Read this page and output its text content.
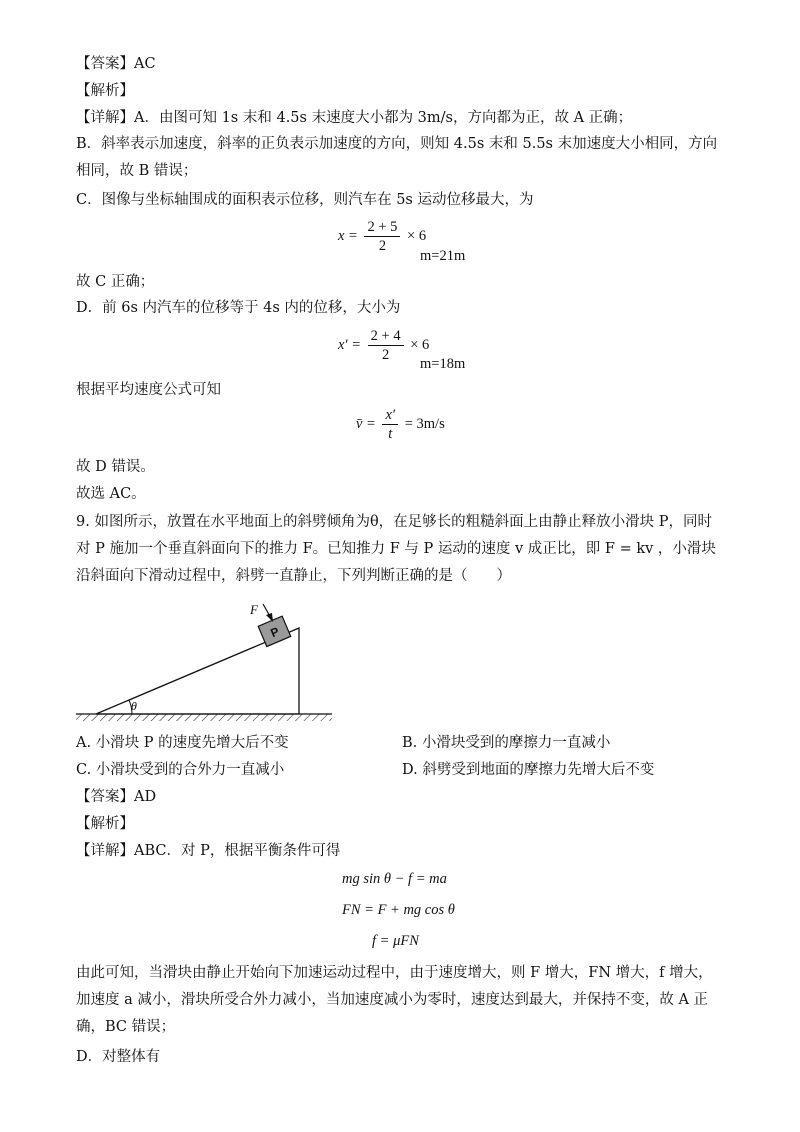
【答案】AC
【解析】
【详解】A．由图可知 1s 末和 4.5s 末速度大小都为 3m/s，方向都为正，故 A 正确；
B．斜率表示加速度，斜率的正负表示加速度的方向，则知 4.5s 末和 5.5s 末加速度大小相同，方向相同，故 B 错误；
C．图像与坐标轴围成的面积表示位移，则汽车在 5s 运动位移最大，为
$x = \frac{2 + 5}{2} \times 6$
m=21m
故 C 正确；
D．前 6s 内汽车的位移等于 4s 内的位移，大小为
$x' = \frac{2 + 4}{2} \times 6$
m=18m
根据平均速度公式可知
v̄ = $\frac{x'}{t} = 3m/s$
故 D 错误。
故选 AC。
9. 如图所示，放置在水平地面上的斜劈倾角为θ，在足够长的粗糙斜面上由静止释放小滑块 P，同时对 P 施加一个垂直斜面向下的推力 F。已知推力 F 与 P 运动的速度 v 成正比，即 F = kv ，小滑块沿斜面向下滑动过程中，斜劈一直静止，下列判断正确的是（　　）
θ
P
F
A. 小滑块 P 的速度先增大后不变	B. 小滑块受到的摩擦力一直减小
C. 小滑块受到的合外力一直减小	D. 斜劈受到地面的摩擦力先增大后不变
【答案】AD
【解析】
【详解】ABC．对 P，根据平衡条件可得
mg sin θ − f = ma
FN = F + mg cos θ
f = μFN
由此可知，当滑块由静止开始向下加速运动过程中，由于速度增大，则 F 增大，FN 增大，f 增大，加速度 a 减小，滑块所受合外力减小，当加速度减小为零时，速度达到最大，并保持不变，故 A 正确，BC 错误；
D．对整体有
